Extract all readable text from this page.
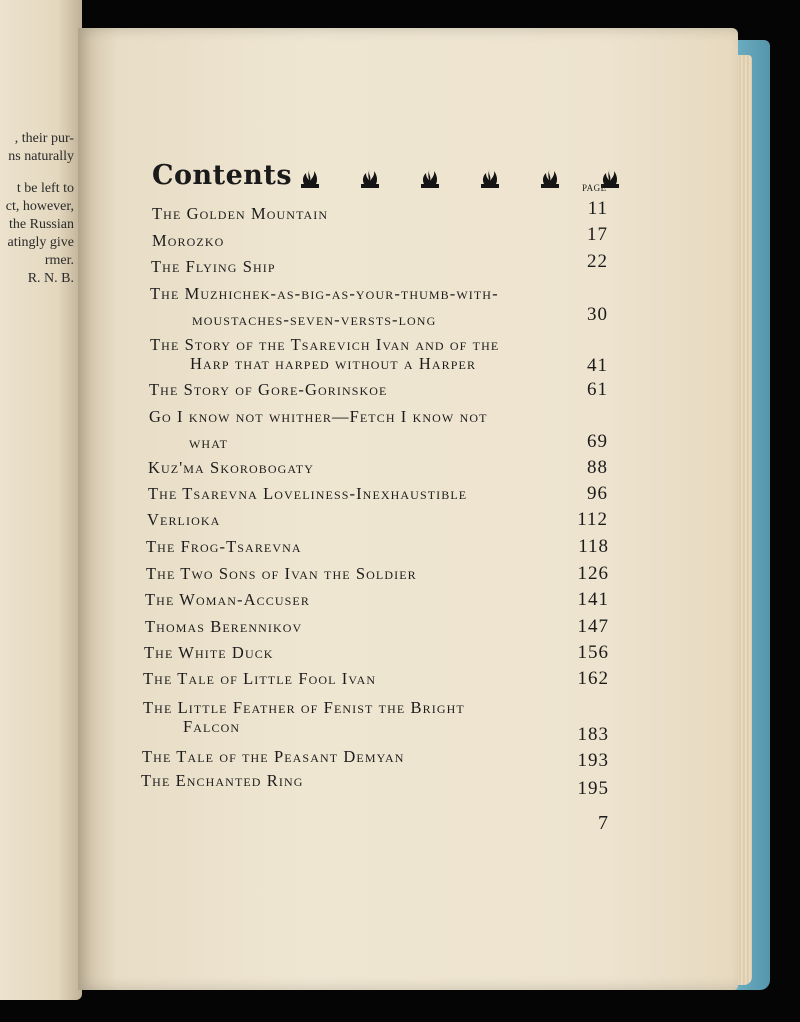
, their pur-
ns naturally
t be left to
ct, however,
the Russian
atingly give
rmer.
R. N. B.
Contents	PAGE
The Golden Mountain	11
Morozko	17
The Flying Ship	22
The Muzhichek-as-big-as-your-thumb-with-
moustaches-seven-versts-long	30
The Story of the Tsarevich Ivan and of the
Harp that harped without a Harper	41
The Story of Gore-Gorinskoe	61
Go I know not whither—Fetch I know not
what	69
Kuz'ma Skorobogaty	88
The Tsarevna Loveliness-Inexhaustible	96
Verlioka	112
The Frog-Tsarevna	118
The Two Sons of Ivan the Soldier	126
The Woman-Accuser	141
Thomas Berennikov	147
The White Duck	156
The Tale of Little Fool Ivan	162
The Little Feather of Fenist the Bright
Falcon	183
The Tale of the Peasant Demyan	193
The Enchanted Ring	195
7
